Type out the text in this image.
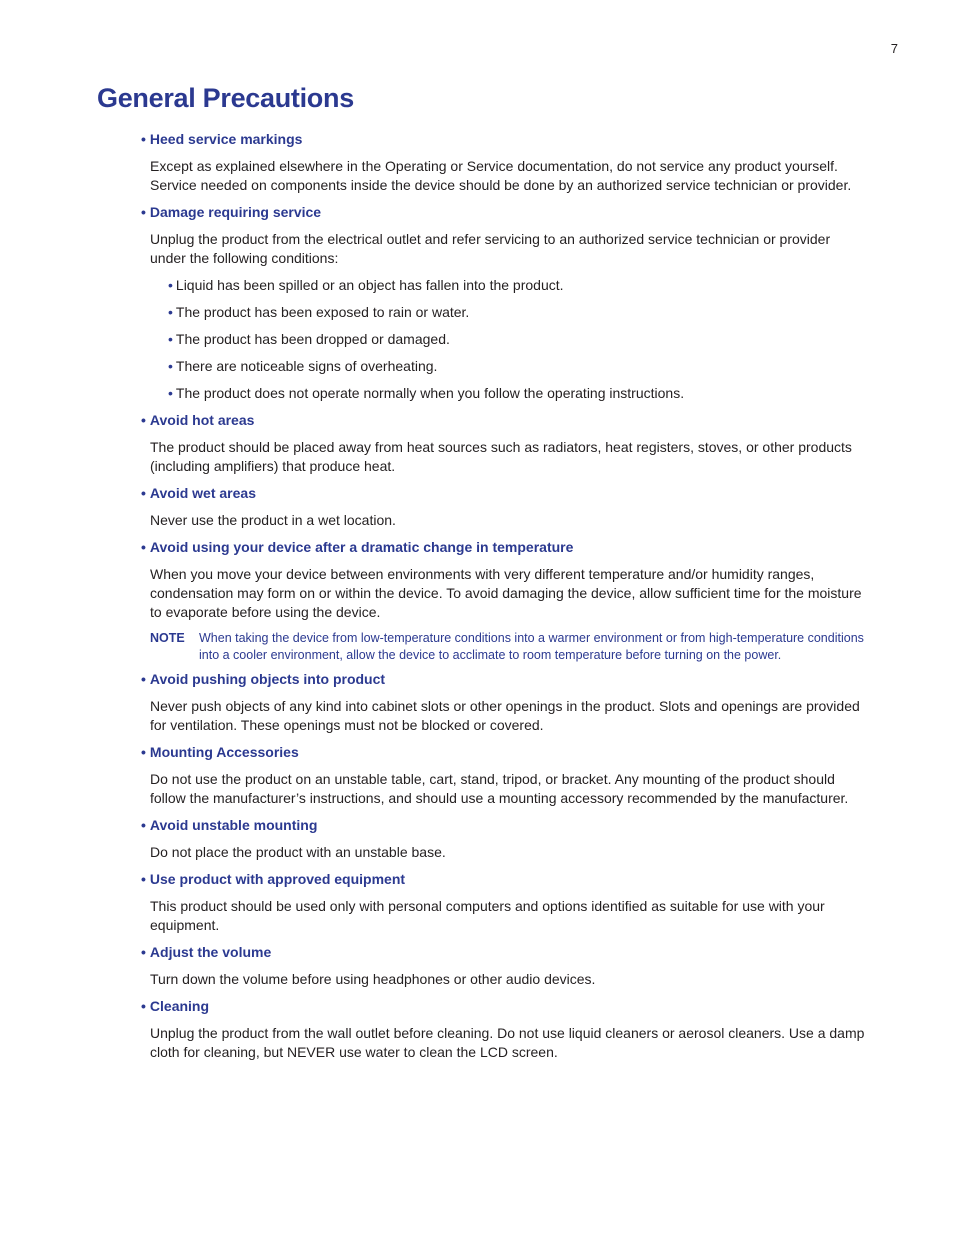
7
General Precautions
• Heed service markings

Except as explained elsewhere in the Operating or Service documentation, do not service any product yourself. Service needed on components inside the device should be done by an authorized service technician or provider.

• Damage requiring service

Unplug the product from the electrical outlet and refer servicing to an authorized service technician or provider under the following conditions:

• Liquid has been spilled or an object has fallen into the product.
• The product has been exposed to rain or water.
• The product has been dropped or damaged.
• There are noticeable signs of overheating.
• The product does not operate normally when you follow the operating instructions.
• Avoid hot areas

The product should be placed away from heat sources such as radiators, heat registers, stoves, or other products (including amplifiers) that produce heat.

• Avoid wet areas

Never use the product in a wet location.

• Avoid using your device after a dramatic change in temperature

When you move your device between environments with very different temperature and/or humidity ranges, condensation may form on or within the device. To avoid damaging the device, allow sufficient time for the moisture to evaporate before using the device.

NOTE	When taking the device from low-temperature conditions into a warmer environment or from high-temperature conditions into a cooler environment, allow the device to acclimate to room temperature before turning on the power.
• Avoid pushing objects into product

Never push objects of any kind into cabinet slots or other openings in the product. Slots and openings are provided for ventilation. These openings must not be blocked or covered.

• Mounting Accessories

Do not use the product on an unstable table, cart, stand, tripod, or bracket. Any mounting of the product should follow the manufacturer’s instructions, and should use a mounting accessory recommended by the manufacturer.

• Avoid unstable mounting

Do not place the product with an unstable base.

• Use product with approved equipment

This product should be used only with personal computers and options identified as suitable for use with your equipment.

• Adjust the volume

Turn down the volume before using headphones or other audio devices.

• Cleaning

Unplug the product from the wall outlet before cleaning. Do not use liquid cleaners or aerosol cleaners. Use a damp cloth for cleaning, but NEVER use water to clean the LCD screen.
